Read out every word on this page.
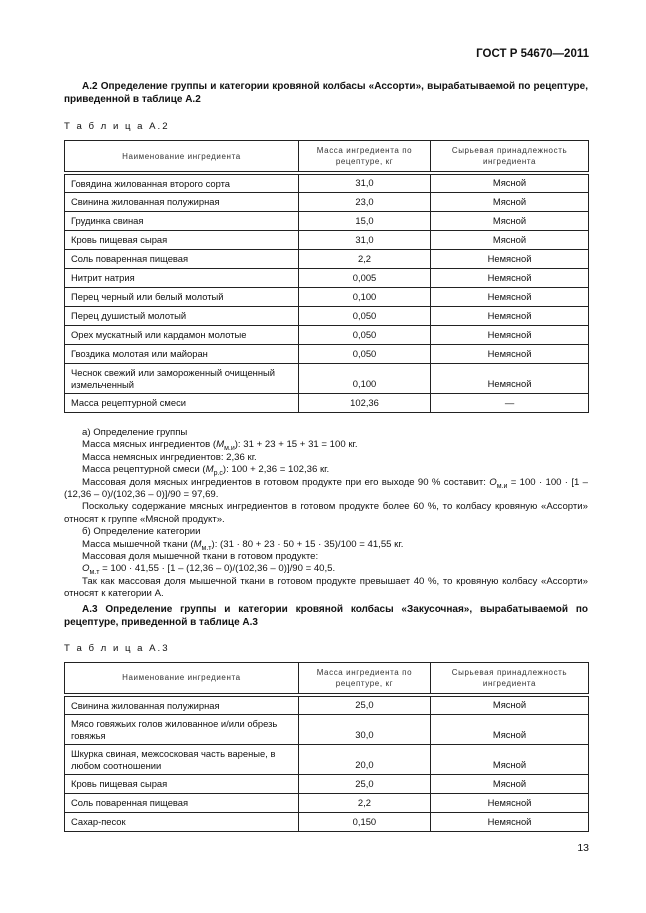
ГОСТ Р 54670—2011
А.2 Определение группы и категории кровяной колбасы «Ассорти», вырабатываемой по рецептуре, приведенной в таблице А.2
Т а б л и ц а А.2
Наименование ингредиента	Масса ингредиента по рецептуре, кг	Сырьевая принадлежность ингредиента
Говядина жилованная второго сорта	31,0	Мясной
Свинина жилованная полужирная	23,0	Мясной
Грудинка свиная	15,0	Мясной
Кровь пищевая сырая	31,0	Мясной
Соль поваренная пищевая	2,2	Немясной
Нитрит натрия	0,005	Немясной
Перец черный или белый молотый	0,100	Немясной
Перец душистый молотый	0,050	Немясной
Орех мускатный или кардамон молотые	0,050	Немясной
Гвоздика молотая или майоран	0,050	Немясной
Чеснок свежий или замороженный очищенный измельченный	0,100	Немясной
Масса рецептурной смеси	102,36	—

а) Определение группы

Масса мясных ингредиентов $(М_{м.и})$: 31 + 23 + 15 + 31 = 100 кг.

Масса немясных ингредиентов: 2,36 кг.

Масса рецептурной смеси $(М_{р.с})$: 100 + 2,36 = 102,36 кг.

Массовая доля мясных ингредиентов в готовом продукте при его выходе 90 % составит: $О_{м.и} = 100 \cdot 100 \cdot [1 - (12,36 - 0)/(102,36 - 0)]/90 = 97,69$.

Поскольку содержание мясных ингредиентов в готовом продукте более 60 %, то колбасу кровяную «Ассорти» относят к группе «Мясной продукт».

б) Определение категории

Масса мышечной ткани $(М_{м.т})$: (31 · 80 + 23 · 50 + 15 · 35)/100 = 41,55 кг.

Массовая доля мышечной ткани в готовом продукте:

$О_{м.т} = 100 \cdot 41,55 \cdot [1 - (12,36 - 0)/(102,36 - 0)]/90 = 40,5$.

Так как массовая доля мышечной ткани в готовом продукте превышает 40 %, то кровяную колбасу «Ассорти» относят к категории А.

А.3 Определение группы и категории кровяной колбасы «Закусочная», вырабатываемой по рецептуре, приведенной в таблице А.3
Т а б л и ц а А.3
Наименование ингредиента	Масса ингредиента по рецептуре, кг	Сырьевая принадлежность ингредиента
Свинина жилованная полужирная	25,0	Мясной
Мясо говяжьих голов жилованное и/или обрезь говяжья	30,0	Мясной
Шкурка свиная, межсосковая часть вареные, в любом соотношении	20,0	Мясной
Кровь пищевая сырая	25,0	Мясной
Соль поваренная пищевая	2,2	Немясной
Сахар-песок	0,150	Немясной
13
